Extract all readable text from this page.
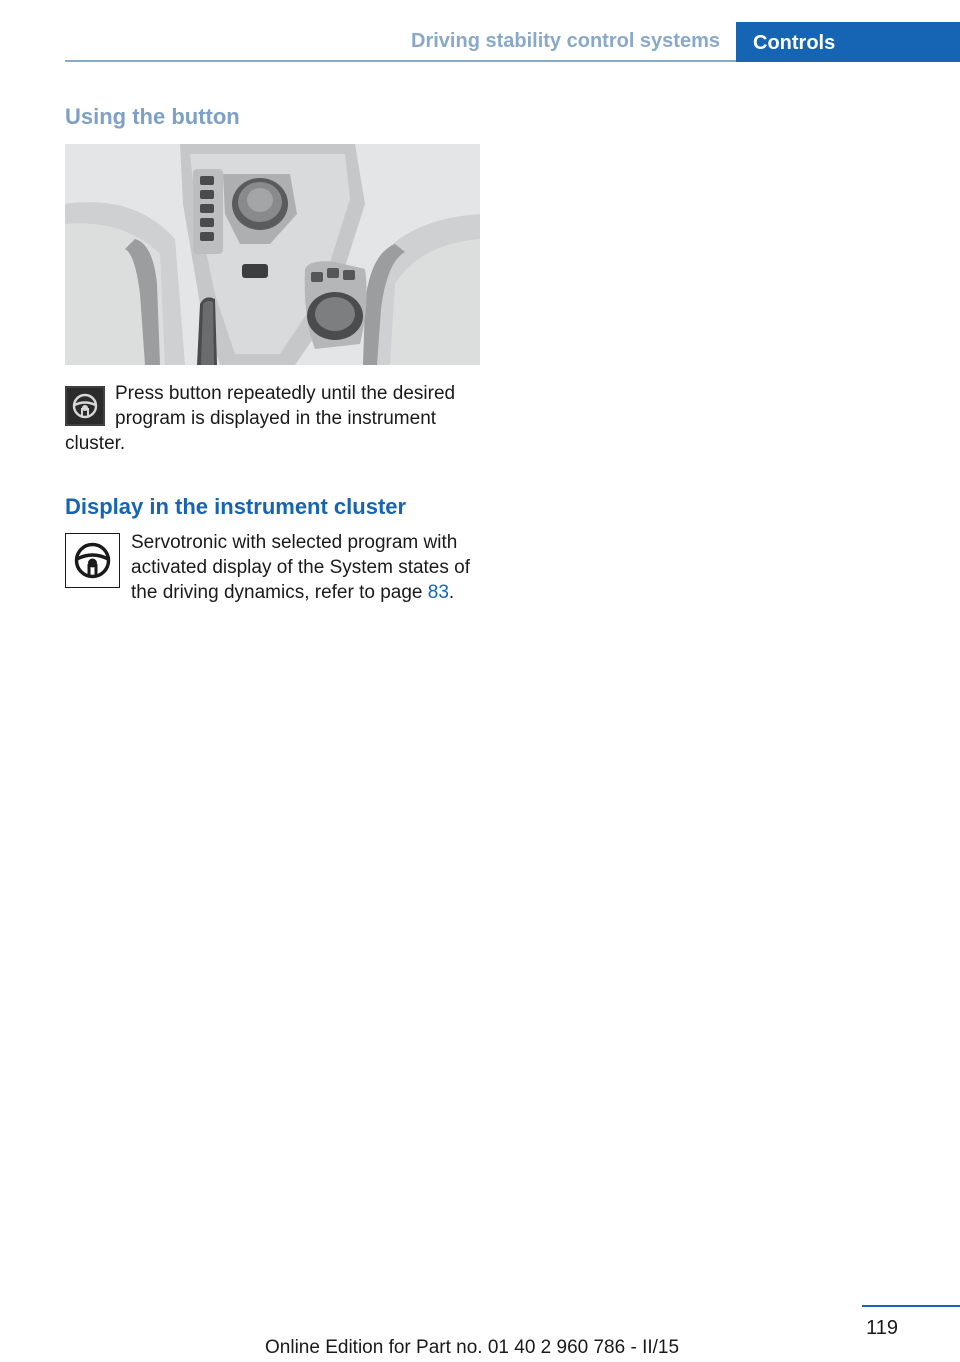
Driving stability control systems Controls
Using the button

Press button repeatedly until the desired program is displayed in the instrument cluster.

Display in the instrument cluster

Servotronic with selected program with activated display of the System states of the driving dynamics, refer to page 83.

119
Online Edition for Part no. 01 40 2 960 786 - II/15
